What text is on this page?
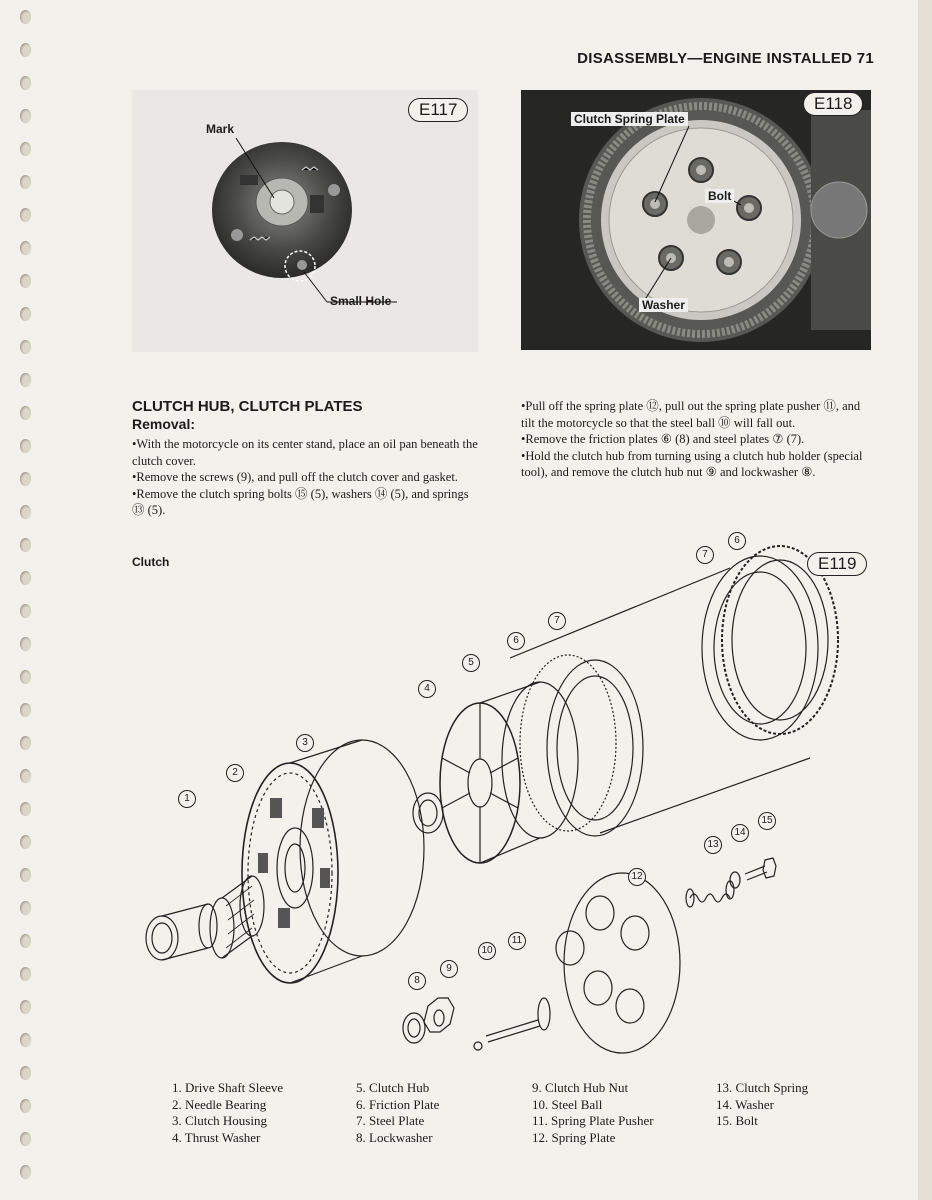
DISASSEMBLY—ENGINE INSTALLED 71
E117
Mark
Small Hole
E118
Clutch Spring Plate
Bolt
Washer
CLUTCH HUB, CLUTCH PLATES
Removal:

•With the motorcycle on its center stand, place an oil pan beneath the clutch cover.

•Remove the screws (9), and pull off the clutch cover and gasket.

•Remove the clutch spring bolts ⑮ (5), washers ⑭ (5), and springs ⑬ (5).

•Pull off the spring plate ⑫, pull out the spring plate pusher ⑪, and tilt the motorcycle so that the steel ball ⑩ will fall out.

•Remove the friction plates ⑥ (8) and steel plates ⑦ (7).

•Hold the clutch hub from turning using a clutch hub holder (special tool), and remove the clutch hub nut ⑨ and lockwasher ⑧.

Clutch	E119
1
2
3
4
5
6
7
8
9
10
11
12
13
14
15
6
7
1. Drive Shaft Sleeve
2. Needle Bearing
3. Clutch Housing
4. Thrust Washer
5. Clutch Hub
6. Friction Plate
7. Steel Plate
8. Lockwasher
9. Clutch Hub Nut
10. Steel Ball
11. Spring Plate Pusher
12. Spring Plate
13. Clutch Spring
14. Washer
15. Bolt
